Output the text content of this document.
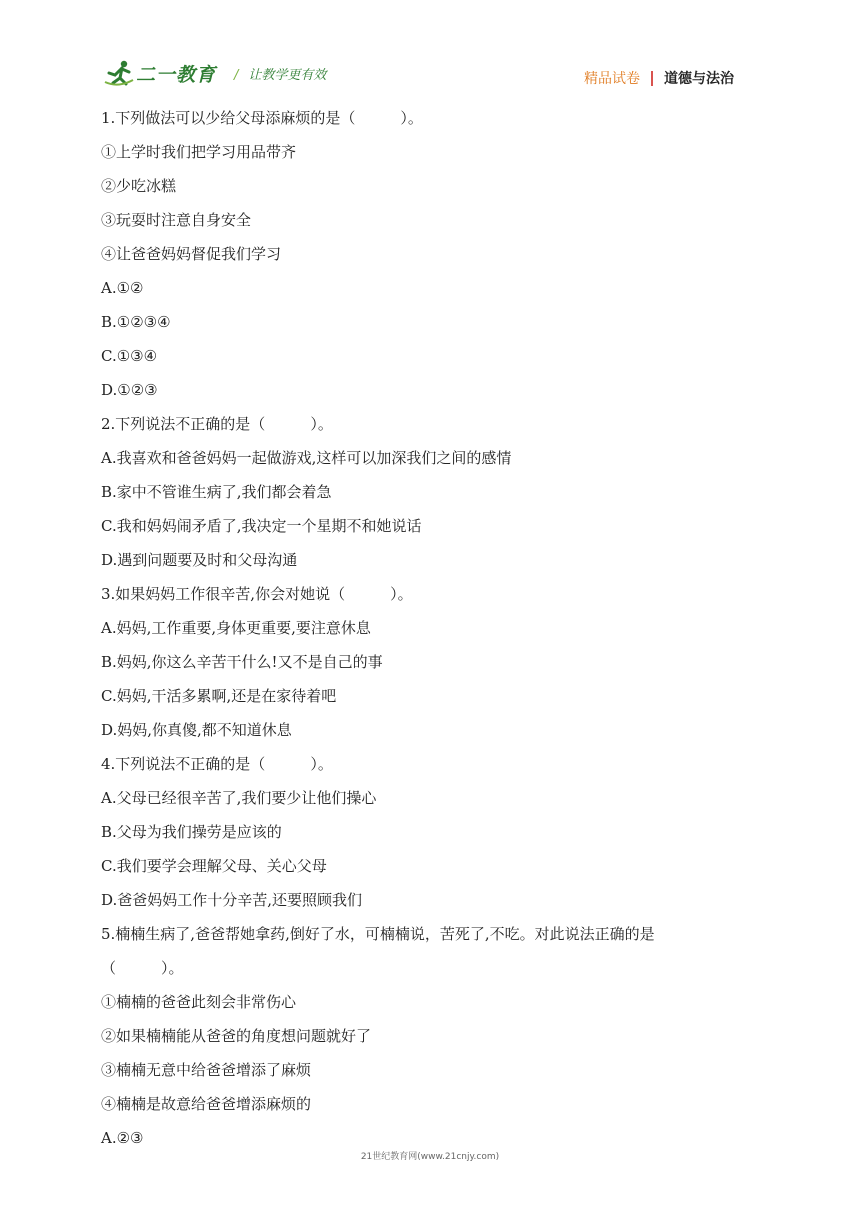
二一教育 / 让教学更有效	精品试卷 道德与法治
1.下列做法可以少给父母添麻烦的是（　　　）。
①上学时我们把学习用品带齐
②少吃冰糕
③玩耍时注意自身安全
④让爸爸妈妈督促我们学习
A.①②
B.①②③④
C.①③④
D.①②③
2.下列说法不正确的是（　　　）。
A.我喜欢和爸爸妈妈一起做游戏,这样可以加深我们之间的感情
B.家中不管谁生病了,我们都会着急
C.我和妈妈闹矛盾了,我决定一个星期不和她说话
D.遇到问题要及时和父母沟通
3.如果妈妈工作很辛苦,你会对她说（　　　）。
A.妈妈,工作重要,身体更重要,要注意休息
B.妈妈,你这么辛苦干什么!又不是自己的事
C.妈妈,干活多累啊,还是在家待着吧
D.妈妈,你真傻,都不知道休息
4.下列说法不正确的是（　　　）。
A.父母已经很辛苦了,我们要少让他们操心
B.父母为我们操劳是应该的
C.我们要学会理解父母、关心父母
D.爸爸妈妈工作十分辛苦,还要照顾我们
5.楠楠生病了,爸爸帮她拿药,倒好了水，可楠楠说，苦死了,不吃。对此说法正确的是
（　　　）。
①楠楠的爸爸此刻会非常伤心
②如果楠楠能从爸爸的角度想问题就好了
③楠楠无意中给爸爸增添了麻烦
④楠楠是故意给爸爸增添麻烦的
A.②③
21世纪教育网(www.21cnjy.com)
